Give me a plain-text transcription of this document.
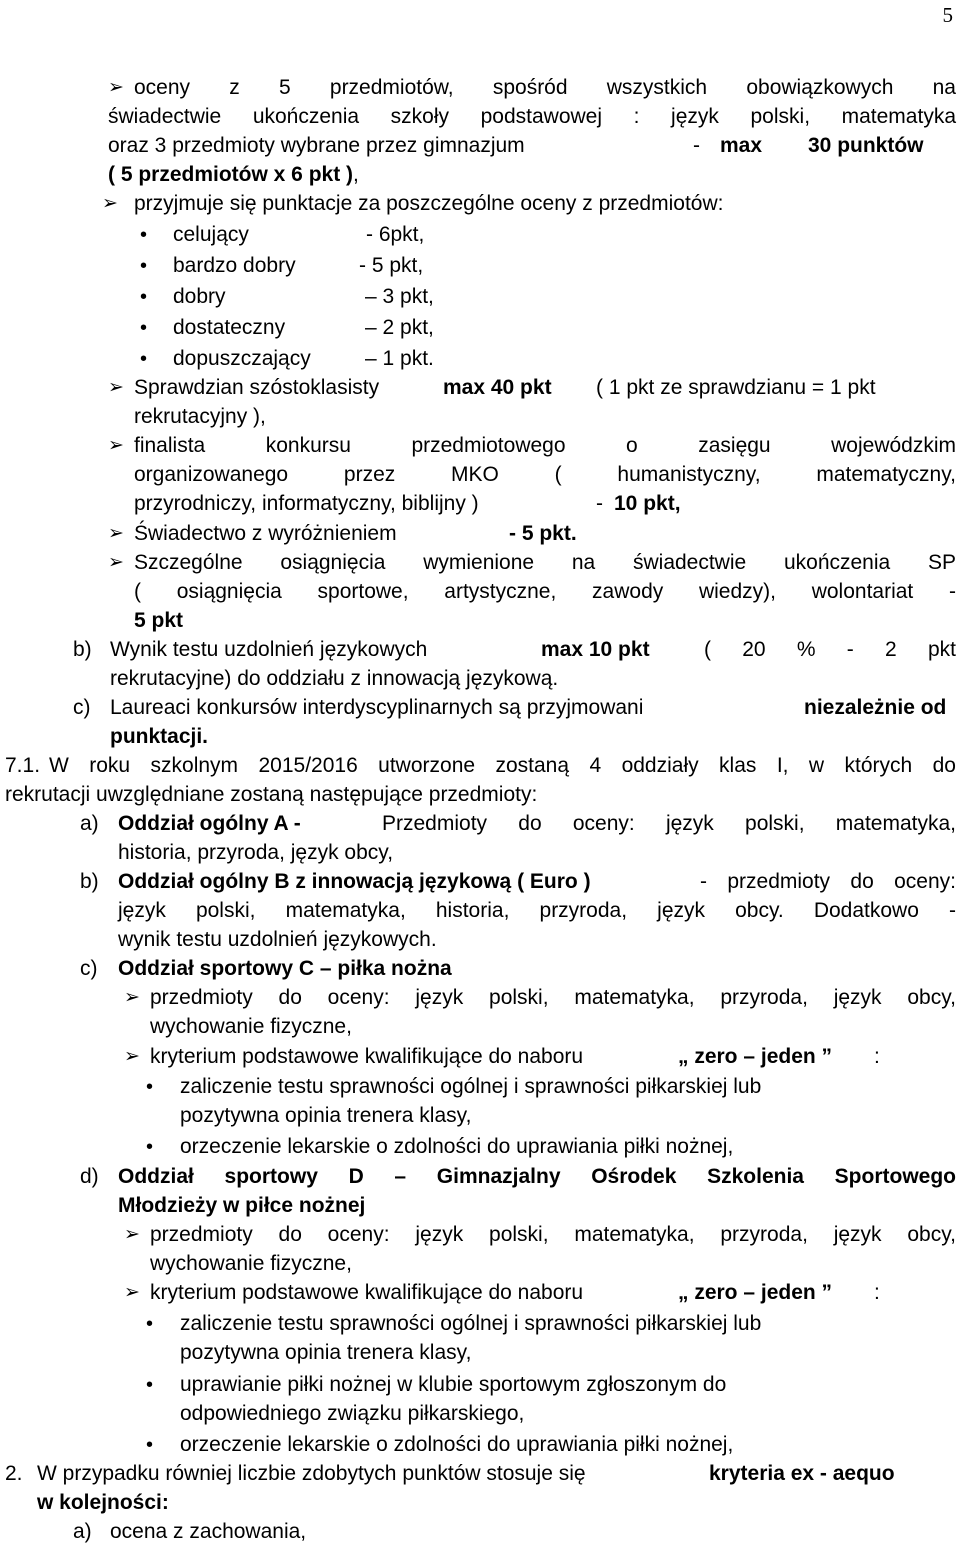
5
➢ oceny z 5 przedmiotów, spośród wszystkich obowiązkowych na
świadectwie ukończenia szkoły podstawowej : język polski, matematyka
oraz 3 przedmioty wybrane przez gimnazjum	- max 30 punktów
( 5 przedmiotów x 6 pkt ),
➢ przyjmuje się punktacje za poszczególne oceny z przedmiotów:
• celujący	- 6pkt,
• bardzo dobry	- 5 pkt,
• dobry	– 3 pkt,
• dostateczny	– 2 pkt,
• dopuszczający	– 1 pkt.
➢ Sprawdzian szóstoklasisty	max 40 pkt ( 1 pkt ze sprawdzianu = 1 pkt
rekrutacyjny ),
➢ finalista konkursu przedmiotowego o zasięgu wojewódzkim
organizowanego przez MKO ( humanistyczny, matematyczny,
przyrodniczy, informatyczny, biblijny )	- 10 pkt,
➢ Świadectwo z wyróżnieniem	- 5 pkt.
➢ Szczególne osiągnięcia wymienione na świadectwie ukończenia SP
( osiągnięcia sportowe, artystyczne, zawody wiedzy), wolontariat -
5 pkt
b) Wynik testu uzdolnień językowych	max 10 pkt	( 20 % - 2 pkt
rekrutacyjne) do oddziału z innowacją językową.
c) Laureaci konkursów interdyscyplinarnych są przyjmowani	niezależnie od
punktacji.
7.1. W roku szkolnym 2015/2016 utworzone zostaną 4 oddziały klas I, w których do
rekrutacji uwzględniane zostaną następujące przedmioty:
a) Oddział ogólny A -	Przedmioty do oceny: język polski, matematyka,
historia, przyroda, język obcy,
b) Oddział ogólny B z innowacją językową ( Euro )	- przedmioty do oceny:
język polski, matematyka, historia, przyroda, język obcy. Dodatkowo -
wynik testu uzdolnień językowych.
c) Oddział sportowy C – piłka nożna
➢ przedmioty do oceny: język polski, matematyka, przyroda, język obcy,
wychowanie fizyczne,
➢ kryterium podstawowe kwalifikujące do naboru	„ zero – jeden ” :
• zaliczenie testu sprawności ogólnej i sprawności piłkarskiej lub
pozytywna opinia trenera klasy,
• orzeczenie lekarskie o zdolności do uprawiania piłki nożnej,
d) Oddział sportowy D – Gimnazjalny Ośrodek Szkolenia Sportowego
Młodzieży w piłce nożnej
➢ przedmioty do oceny: język polski, matematyka, przyroda, język obcy,
wychowanie fizyczne,
➢ kryterium podstawowe kwalifikujące do naboru	„ zero – jeden ” :
• zaliczenie testu sprawności ogólnej i sprawności piłkarskiej lub
pozytywna opinia trenera klasy,
• uprawianie piłki nożnej w klubie sportowym zgłoszonym do
odpowiedniego związku piłkarskiego,
• orzeczenie lekarskie o zdolności do uprawiania piłki nożnej,
2. W przypadku równiej liczbie zdobytych punktów stosuje się	kryteria ex - aequo
w kolejności:
a) ocena z zachowania,
